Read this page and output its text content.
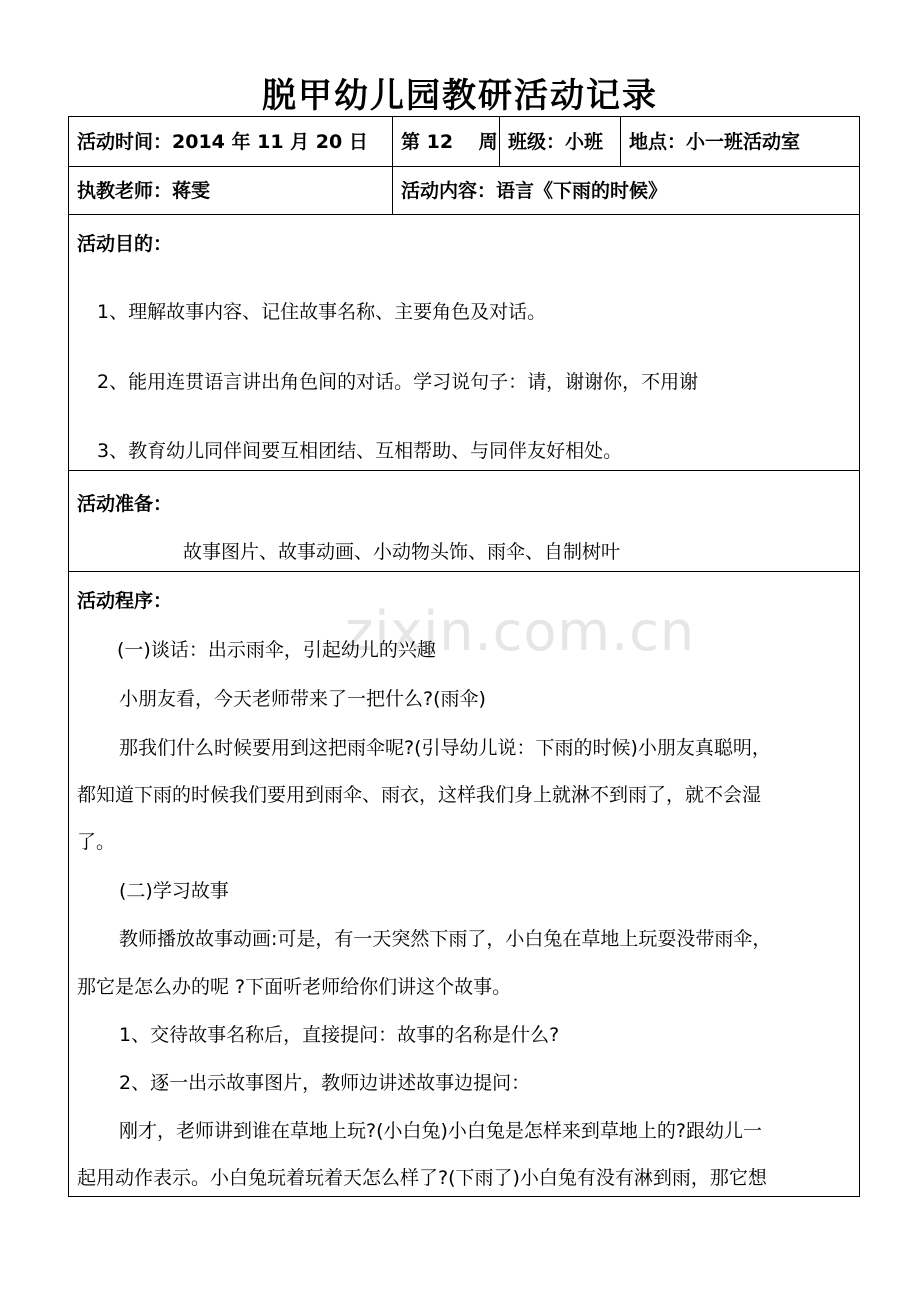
脱甲幼儿园教研活动记录
zixin.com.cn
活动时间：2014 年 11 月 20 日	第 12　 周 班级：小班	地点：小一班活动室
执教老师：蒋雯	活动内容：语言《下雨的时候》
活动目的：
1、理解故事内容、记住故事名称、主要角色及对话。
2、能用连贯语言讲出角色间的对话。学习说句子：请，谢谢你，不用谢
3、教育幼儿同伴间要互相团结、互相帮助、与同伴友好相处。
活动准备：
故事图片、故事动画、小动物头饰、雨伞、自制树叶
活动程序：
(一)谈话：出示雨伞，引起幼儿的兴趣
小朋友看，今天老师带来了一把什么?(雨伞)
那我们什么时候要用到这把雨伞呢?(引导幼儿说：下雨的时候)小朋友真聪明，
都知道下雨的时候我们要用到雨伞、雨衣，这样我们身上就淋不到雨了，就不会湿
了。
(二)学习故事
教师播放故事动画:可是，有一天突然下雨了，小白兔在草地上玩耍没带雨伞，
那它是怎么办的呢 ?下面听老师给你们讲这个故事。
1、交待故事名称后，直接提问：故事的名称是什么?
2、逐一出示故事图片，教师边讲述故事边提问：
刚才，老师讲到谁在草地上玩?(小白兔)小白兔是怎样来到草地上的?跟幼儿一
起用动作表示。小白兔玩着玩着天怎么样了?(下雨了)小白兔有没有淋到雨，那它想
